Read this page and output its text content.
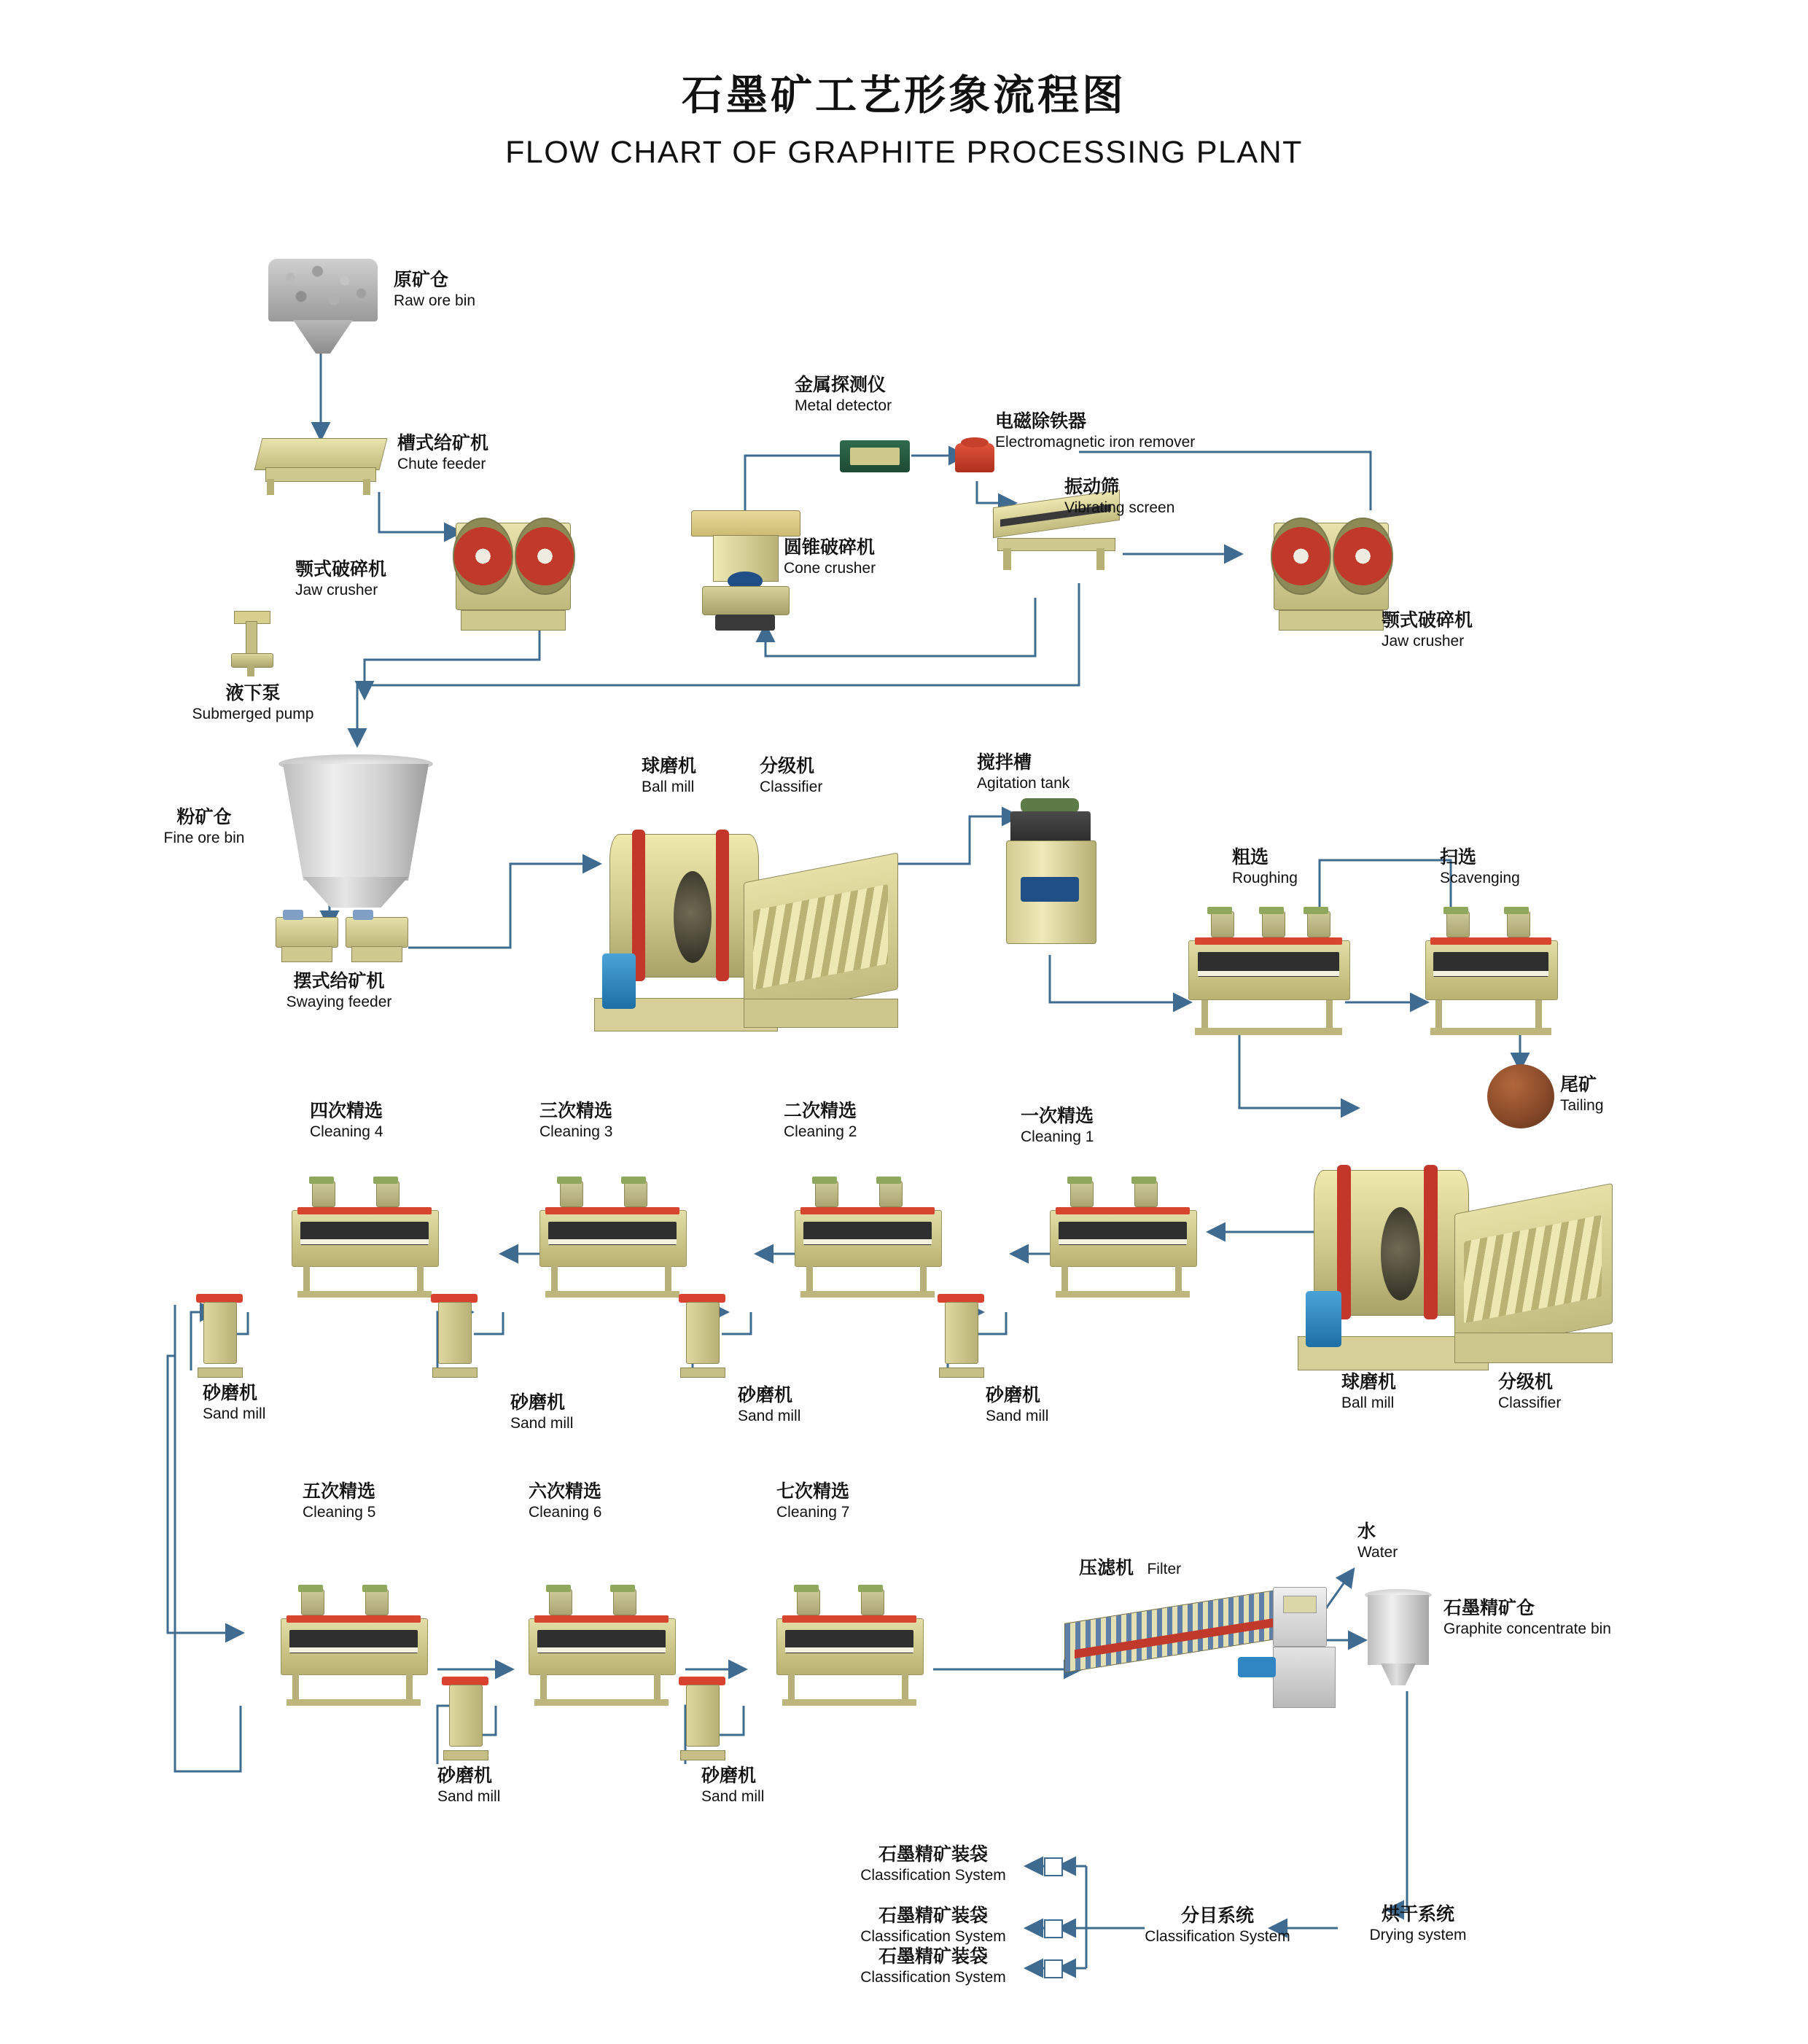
石墨矿工艺形象流程图
FLOW CHART OF GRAPHITE PROCESSING PLANT
原矿仓
Raw ore bin
槽式给矿机
Chute feeder
颚式破碎机
Jaw crusher
金属探测仪
Metal detector
电磁除铁器
Electromagnetic iron remover
振动筛
Vibrating screen
圆锥破碎机
Cone crusher
颚式破碎机
Jaw crusher
液下泵
Submerged pump
粉矿仓
Fine ore bin
摆式给矿机
Swaying feeder
球磨机
Ball mill
分级机
Classifier
搅拌槽
Agitation tank
粗选
Roughing
扫选
Scavenging
尾矿
Tailing
球磨机
Ball mill
分级机
Classifier
一次精选
Cleaning 1
二次精选
Cleaning 2
三次精选
Cleaning 3
四次精选
Cleaning 4
五次精选
Cleaning 5
六次精选
Cleaning 6
七次精选
Cleaning 7
砂磨机
Sand mill
砂磨机
Sand mill
砂磨机
Sand mill
砂磨机
Sand mill
砂磨机
Sand mill
砂磨机
Sand mill
压滤机 Filter
水
Water
石墨精矿仓
Graphite concentrate bin
烘干系统
Drying system
分目系统
Classification System
石墨精矿装袋
Classification System
石墨精矿装袋
Classification System
石墨精矿装袋
Classification System
